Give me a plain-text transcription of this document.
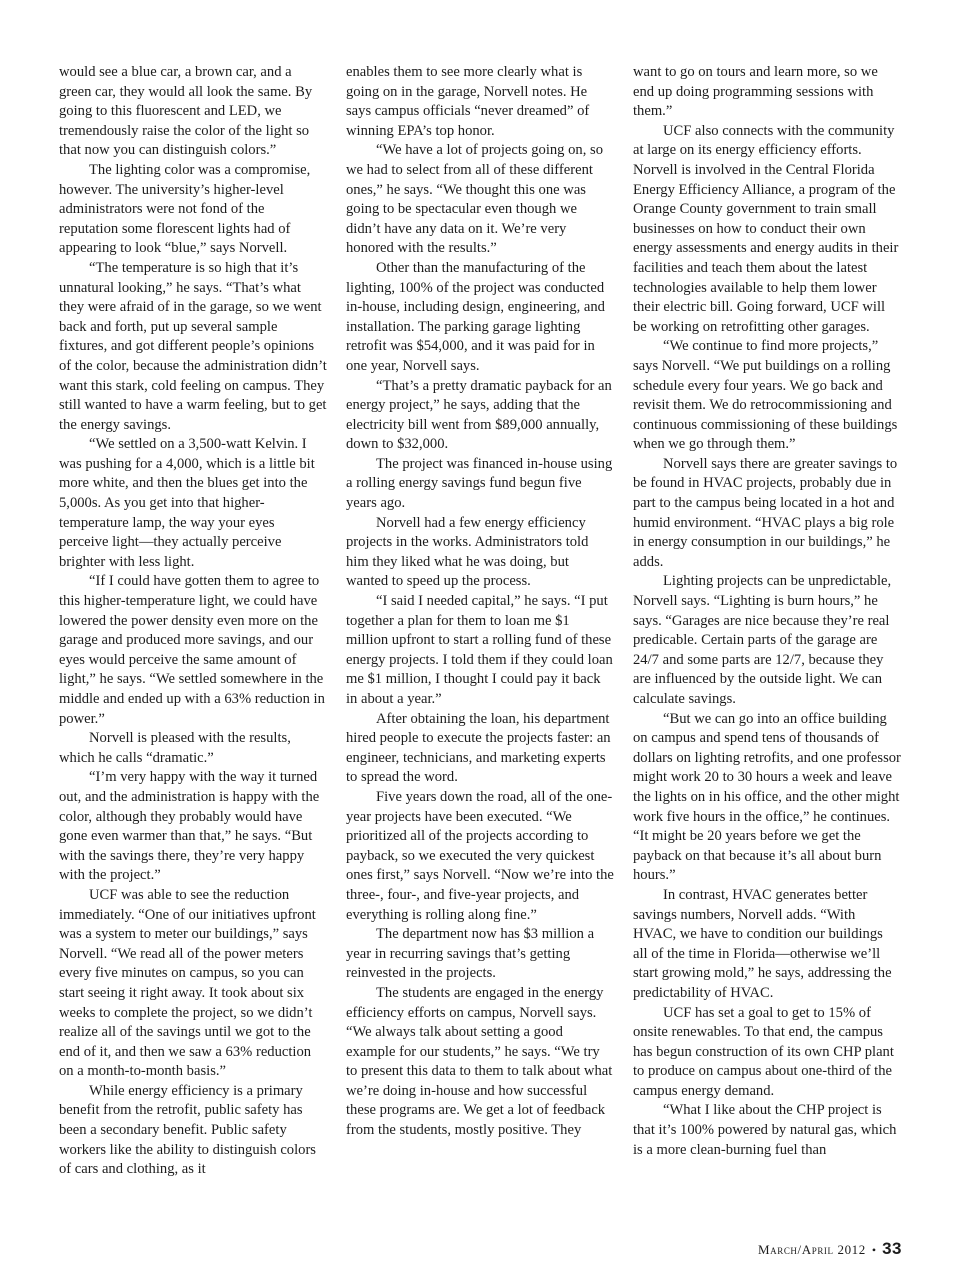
would see a blue car, a brown car, and a green car, they would all look the same. By going to this fluorescent and LED, we tremendously raise the color of the light so that now you can distinguish colors.”

The lighting color was a compromise, however. The university’s higher-level administrators were not fond of the reputation some florescent lights had of appearing to look “blue,” says Norvell.

“The temperature is so high that it’s unnatural looking,” he says. “That’s what they were afraid of in the garage, so we went back and forth, put up several sample fixtures, and got different people’s opinions of the color, because the administration didn’t want this stark, cold feeling on campus. They still wanted to have a warm feeling, but to get the energy savings.

“We settled on a 3,500-watt Kelvin. I was pushing for a 4,000, which is a little bit more white, and then the blues get into the 5,000s. As you get into that higher-temperature lamp, the way your eyes perceive light—they actually perceive brighter with less light.

“If I could have gotten them to agree to this higher-temperature light, we could have lowered the power density even more on the garage and produced more savings, and our eyes would perceive the same amount of light,” he says. “We settled somewhere in the middle and ended up with a 63% reduction in power.”

Norvell is pleased with the results, which he calls “dramatic.”

“I’m very happy with the way it turned out, and the administration is happy with the color, although they probably would have gone even warmer than that,” he says. “But with the savings there, they’re very happy with the project.”

UCF was able to see the reduction immediately. “One of our initiatives upfront was a system to meter our buildings,” says Norvell. “We read all of the power meters every five minutes on campus, so you can start seeing it right away. It took about six weeks to complete the project, so we didn’t realize all of the savings until we got to the end of it, and then we saw a 63% reduction on a month-to-month basis.”

While energy efficiency is a primary benefit from the retrofit, public safety has been a secondary benefit. Public safety workers like the ability to distinguish colors of cars and clothing, as it

enables them to see more clearly what is going on in the garage, Norvell notes. He says campus officials “never dreamed” of winning EPA’s top honor.

“We have a lot of projects going on, so we had to select from all of these different ones,” he says. “We thought this one was going to be spectacular even though we didn’t have any data on it. We’re very honored with the results.”

Other than the manufacturing of the lighting, 100% of the project was conducted in-house, including design, engineering, and installation. The parking garage lighting retrofit was $54,000, and it was paid for in one year, Norvell says.

“That’s a pretty dramatic payback for an energy project,” he says, adding that the electricity bill went from $89,000 annually, down to $32,000.

The project was financed in-house using a rolling energy savings fund begun five years ago.

Norvell had a few energy efficiency projects in the works. Administrators told him they liked what he was doing, but wanted to speed up the process.

“I said I needed capital,” he says. “I put together a plan for them to loan me $1 million upfront to start a rolling fund of these energy projects. I told them if they could loan me $1 million, I thought I could pay it back in about a year.”

After obtaining the loan, his department hired people to execute the projects faster: an engineer, technicians, and marketing experts to spread the word.

Five years down the road, all of the one-year projects have been executed. “We prioritized all of the projects according to payback, so we executed the very quickest ones first,” says Norvell. “Now we’re into the three-, four-, and five-year projects, and everything is rolling along fine.”

The department now has $3 million a year in recurring savings that’s getting reinvested in the projects.

The students are engaged in the energy efficiency efforts on campus, Norvell says. “We always talk about setting a good example for our students,” he says. “We try to present this data to them to talk about what we’re doing in-house and how successful these programs are. We get a lot of feedback from the students, mostly positive. They

want to go on tours and learn more, so we end up doing programming sessions with them.”

UCF also connects with the community at large on its energy efficiency efforts. Norvell is involved in the Central Florida Energy Efficiency Alliance, a program of the Orange County government to train small businesses on how to conduct their own energy assessments and energy audits in their facilities and teach them about the latest technologies available to help them lower their electric bill. Going forward, UCF will be working on retrofitting other garages.

“We continue to find more projects,” says Norvell. “We put buildings on a rolling schedule every four years. We go back and revisit them. We do retrocommissioning and continuous commissioning of these buildings when we go through them.”

Norvell says there are greater savings to be found in HVAC projects, probably due in part to the campus being located in a hot and humid environment. “HVAC plays a big role in energy consumption in our buildings,” he adds.

Lighting projects can be unpredictable, Norvell says. “Lighting is burn hours,” he says. “Garages are nice because they’re real predicable. Certain parts of the garage are 24/7 and some parts are 12/7, because they are influenced by the outside light. We can calculate savings.

“But we can go into an office building on campus and spend tens of thousands of dollars on lighting retrofits, and one professor might work 20 to 30 hours a week and leave the lights on in his office, and the other might work five hours in the office,” he continues. “It might be 20 years before we get the payback on that because it’s all about burn hours.”

In contrast, HVAC generates better savings numbers, Norvell adds. “With HVAC, we have to condition our buildings all of the time in Florida—otherwise we’ll start growing mold,” he says, addressing the predictability of HVAC.

UCF has set a goal to get to 15% of onsite renewables. To that end, the campus has begun construction of its own CHP plant to produce on campus about one-third of the campus energy demand.

“What I like about the CHP project is that it’s 100% powered by natural gas, which is a more clean-burning fuel than

March/April 2012 • 33
